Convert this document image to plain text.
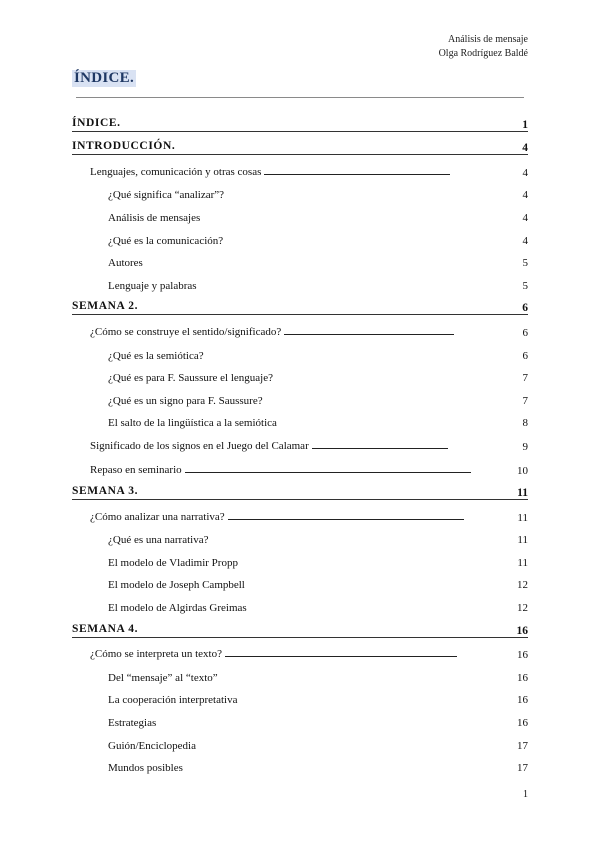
Análisis de mensaje
Olga Rodríguez Baldé
ÍNDICE.
ÍNDICE.	1
INTRODUCCIÓN.	4
Lenguajes, comunicación y otras cosas	4
¿Qué significa “analizar”?	4
Análisis de mensajes	4
¿Qué es la comunicación?	4
Autores	5
Lenguaje y palabras	5
SEMANA 2.	6
¿Cómo se construye el sentido/significado?	6
¿Qué es la semiótica?	6
¿Qué es para F. Saussure el lenguaje?	7
¿Qué es un signo para F. Saussure?	7
El salto de la lingüística a la semiótica	8
Significado de los signos en el Juego del Calamar	9
Repaso en seminario	10
SEMANA 3.	11
¿Cómo analizar una narrativa?	11
¿Qué es una narrativa?	11
El modelo de Vladimir Propp	11
El modelo de Joseph Campbell	12
El modelo de Algirdas Greimas	12
SEMANA 4.	16
¿Cómo se interpreta un texto?	16
Del “mensaje” al “texto”	16
La cooperación interpretativa	16
Estrategias	16
Guión/Enciclopedia	17
Mundos posibles	17
1
